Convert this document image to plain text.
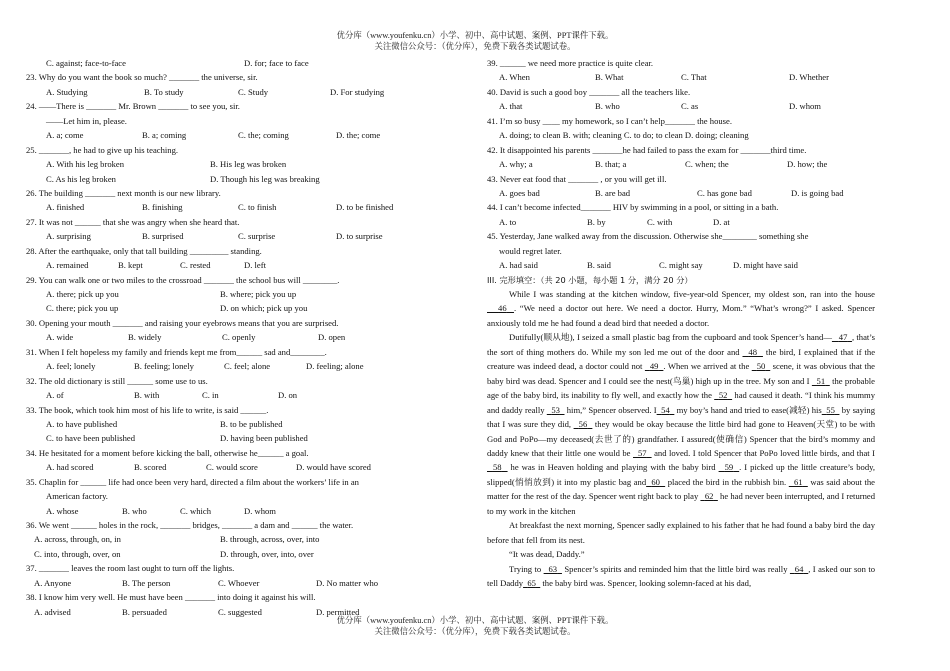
优分库（www.youfenku.cn）小学、初中、高中试题、案例、PPT课件下载。
关注微信公众号：（优分库），免费下载各类试题试卷。
C. against; face-to-face	D. for; face to face
23. Why do you want the book so much? _______ the universe, sir.
A. Studying	B. To study	C. Study	D. For studying
24. ——There is _______ Mr. Brown _______ to see you, sir.
——Let him in, please.
A. a; come	B. a; coming	C. the; coming	D. the; come
25. _______, he had to give up his teaching.
A. With his leg broken	B. His leg was broken
C. As his leg broken	D. Though his leg was breaking
26. The building _______ next month is our new library.
A. finished	B. finishing	C. to finish	D. to be finished
27. It was not ______ that she was angry when she heard that.
A. surprising	B. surprised	C. surprise	D. to surprise
28. After the earthquake, only that tall building _________ standing.
A. remained	B. kept	C. rested	D. left
29. You can walk one or two miles to the crossroad _______ the school bus will ________.
A. there; pick up you	B. where; pick you up
C. there; pick you up	D. on which; pick up you
30. Opening your mouth _______ and raising your eyebrows means that you are surprised.
A. wide	B. widely	C. openly	D. open
31. When I felt hopeless my family and friends kept me from______ sad and________.
A. feel; lonely	B. feeling; lonely	C. feel; alone	D. feeling; alone
32. The old dictionary is still ______ some use to us.
A. of	B. with	C. in	D. on
33. The book, which took him most of his life to write, is said ______.
A. to have published	B. to be published
C. to have been published	D. having been published
34. He hesitated for a moment before kicking the ball, otherwise he______ a goal.
A. had scored	B. scored	C. would score	D. would have scored
35. Chaplin for ______ life had once been very hard, directed a film about the workers’ life in an
American factory.
A. whose	B. who	C. which	D. whom
36. We went ______ holes in the rock, _______ bridges, _______ a dam and ______ the water.
A. across, through, on, in	B. through, across, over, into
C. into, through, over, on	D. through, over, into, over
37. _______ leaves the room last ought to turn off the lights.
A. Anyone	B. The person	C. Whoever	D. No matter who
38. I know him very well. He must have been _______ into doing it against his will.
A. advised	B. persuaded	C. suggested	D. permitted
39. ______ we need more practice is quite clear.
A. When	B. What	C. That	D. Whether
40. David is such a good boy _______ all the teachers like.
A. that	B. who	C. as	D. whom
41. I’m so busy ____ my homework, so I can’t help_______ the house.
A. doing; to clean B. with; cleaning C. to do; to clean D. doing; cleaning
42. It disappointed his parents _______he had failed to pass the exam for _______third time.
A. why; a	B. that; a	C. when; the	D. how; the
43. Never eat food that _______ , or you will get ill.
A. goes bad	B. are bad	C. has gone bad	D. is going bad
44. I can’t become infected_______ HIV by swimming in a pool, or sitting in a bath.
A. to	B. by	C. with	D. at
45. Yesterday, Jane walked away from the discussion. Otherwise she________ something she
would regret later.
A. had said	B. said	C. might say	D. might have said
III. 完形填空：（共 20 小题，每小题 1 分，满分 20 分）

While I was standing at the kitchen window, five-year-old Spencer, my oldest son, ran into the house    46 . “We need a doctor out here. We need a doctor. Hurry, Mom.” “What’s wrong?” I asked. Spencer anxiously told me he had found a dead bird that needed a doctor.

Dutifully(顺从地), I seized a small plastic bag from the cupboard and took Spencer’s hand— 47 , that’s the sort of thing mothers do. While my son led me out of the door and   48   the bird, I explained that if the creature was indeed dead, a doctor could not   49 . When we arrived at the   50   scene, it was obvious that the baby bird was dead. Spencer and I could see the nest(鸟巢) high up in the tree. My son and I   51   the probable age of the baby bird, its inability to fly well, and exactly how the   52   had caused it death. “I think his mummy and daddy really   53   him,” Spencer observed. I 54   my boy’s hand and tried to ease(减轻) his 55   by saying that I was sure they did,   56   they would be okay because the little bird had gone to Heaven(天堂) to be with God and PoPo—my deceased(去世了的) grandfather. I assured(使确信) Spencer that the bird’s mommy and daddy knew that their little one would be   57   and loved. I told Spencer that PoPo loved little birds, and that I   58   he was in Heaven holding and playing with the baby bird   59 . I picked up the little creature’s body, slipped(悄悄放到) it into my plastic bag and 60   placed the bird in the rubbish bin.   61   was said about the matter for the rest of the day. Spencer went right back to play   62   he had never been interrupted, and I returned to my work in the kitchen

At breakfast the next morning, Spencer sadly explained to his father that he had found a baby bird the day before that fell from its nest.

“It was dead, Daddy.”

Trying to   63   Spencer’s spirits and reminded him that the little bird was really   64 , I asked our son to tell Daddy 65   the baby bird was. Spencer, looking solemn-faced at his dad,

优分库（www.youfenku.cn）小学、初中、高中试题、案例、PPT课件下载。
关注微信公众号：（优分库），免费下载各类试题试卷。
